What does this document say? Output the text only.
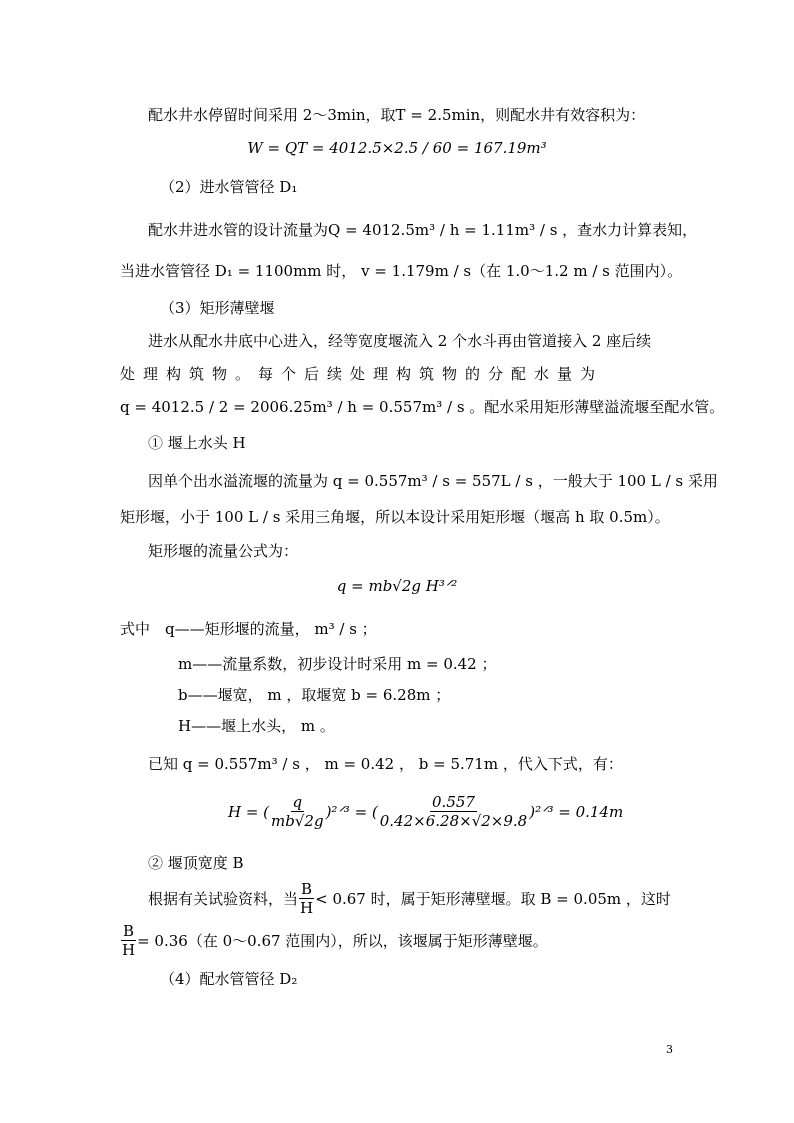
配水井水停留时间采用 2～3min，取T = 2.5min，则配水井有效容积为：
W = QT = 4012.5×2.5 / 60 = 167.19m³
（2）进水管管径 D₁
配水井进水管的设计流量为Q = 4012.5m³ / h = 1.11m³ / s ，查水力计算表知，
当进水管管径 D₁ = 1100mm 时， v = 1.179m / s（在 1.0～1.2 m / s 范围内）。
（3）矩形薄壁堰
进水从配水井底中心进入，经等宽度堰流入 2 个水斗再由管道接入 2 座后续
处理构筑物。每个后续处理构筑物的分配水量为
q = 4012.5 / 2 = 2006.25m³ / h = 0.557m³ / s 。配水采用矩形薄壁溢流堰至配水管。
① 堰上水头 H
因单个出水溢流堰的流量为 q = 0.557m³ / s = 557L / s ，一般大于 100 L / s 采用
矩形堰，小于 100 L / s 采用三角堰，所以本设计采用矩形堰（堰高 h 取 0.5m）。
矩形堰的流量公式为：
q = mb√2g H³ᐟ²
式中　q——矩形堰的流量， m³ / s ；
m——流量系数，初步设计时采用 m = 0.42 ；
b——堰宽， m ，取堰宽 b = 6.28m ；
H——堰上水头， m 。
已知 q = 0.557m³ / s ， m = 0.42 ， b = 5.71m ，代入下式，有：
H = ( $\frac{q}{mb√2g}$ )²ᐟ³ = ( $\frac{0.557}{0.42\times 6.28\times√2\times 9.8}$ )²ᐟ³ = 0.14m
② 堰顶宽度 B
根据有关试验资料，当 $\frac{B}{H} < 0.67$ 时，属于矩形薄壁堰。取 B = 0.05m ，这时
$\frac{B}{H} = 0.36$（在 0～0.67 范围内），所以，该堰属于矩形薄壁堰。
（4）配水管管径 D₂
3
